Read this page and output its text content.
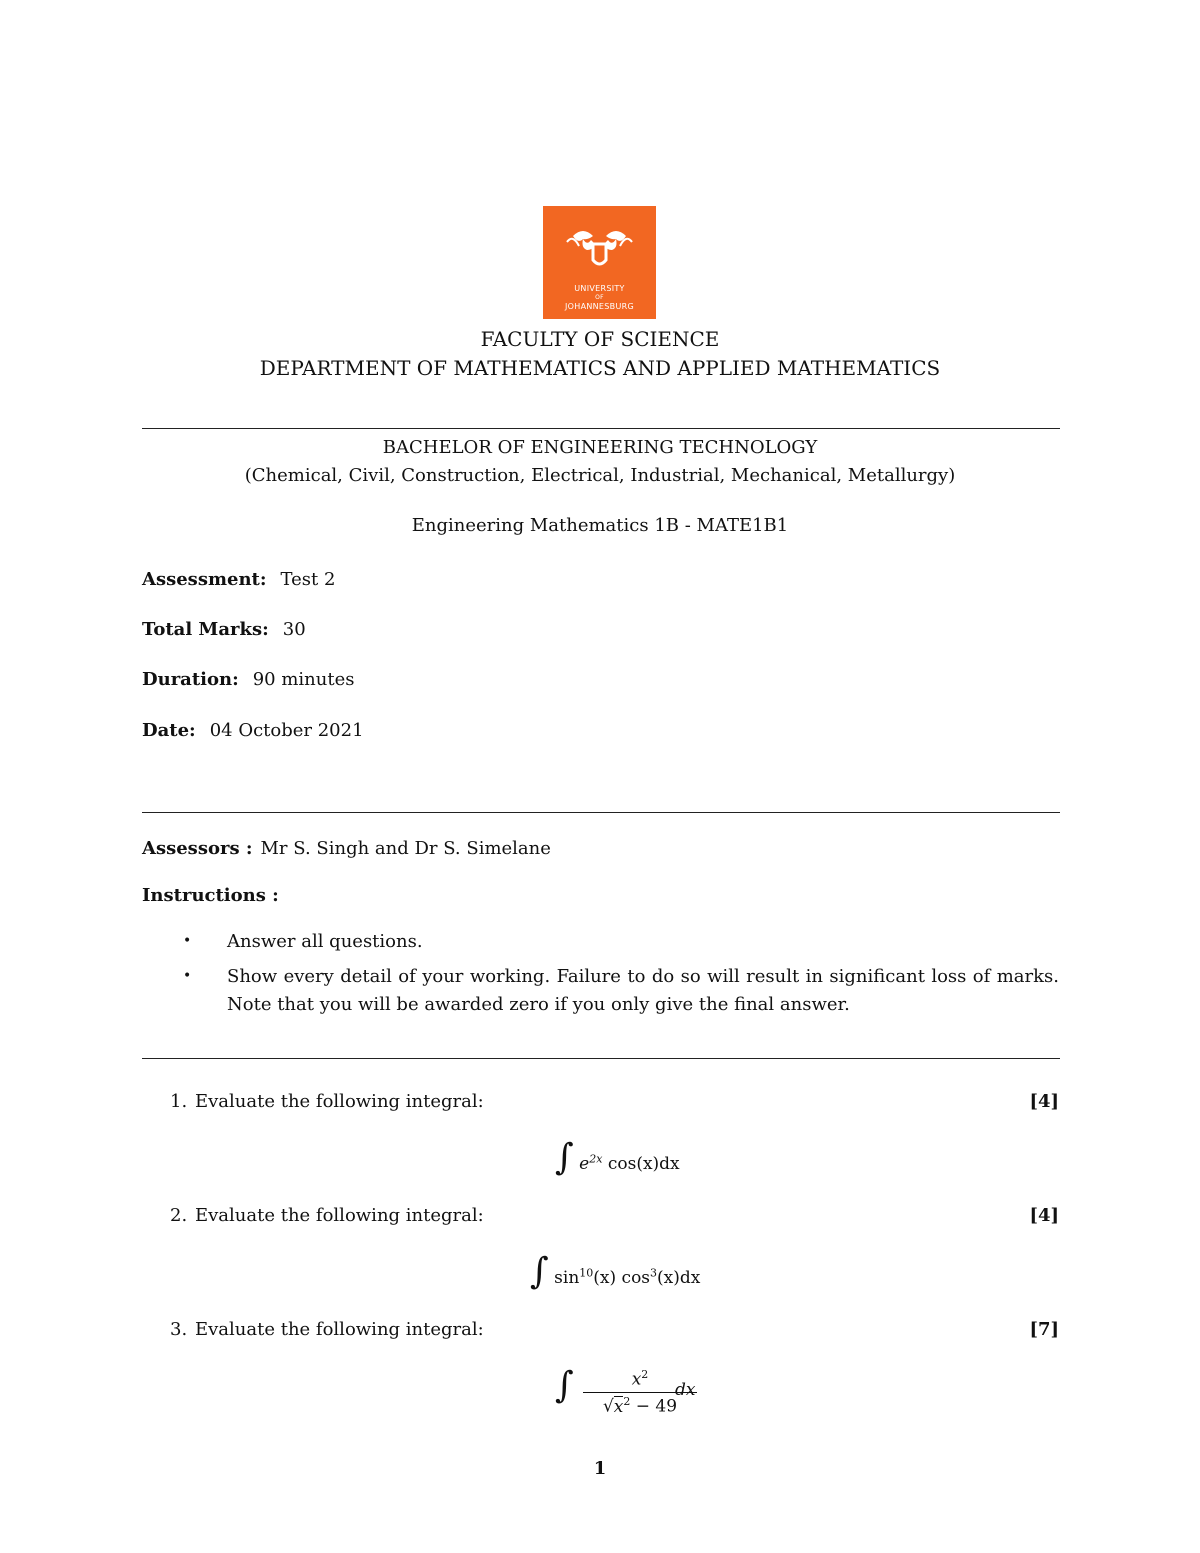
UNIVERSITY
OF
JOHANNESBURG
FACULTY OF SCIENCE
DEPARTMENT OF MATHEMATICS AND APPLIED MATHEMATICS
BACHELOR OF ENGINEERING TECHNOLOGY
(Chemical, Civil, Construction, Electrical, Industrial, Mechanical, Metallurgy)
Engineering Mathematics 1B - MATE1B1
Assessment: Test 2
Total Marks: 30
Duration: 90 minutes
Date: 04 October 2021
Assessors : Mr S. Singh and Dr S. Simelane
Instructions :
• Answer all questions.
• Show every detail of your working. Failure to do so will result in significant loss of marks. Note that you will be awarded zero if you only give the final answer.
1. Evaluate the following integral:	[4]
∫ $e^{2x}$ cos(x)dx
2. Evaluate the following integral:	[4]
∫ $\sin^{10}(x)$ $\cos^3(x)dx$
3. Evaluate the following integral:	[7]
∫	$x^2$
$√x^2 - 49$
dx
1
